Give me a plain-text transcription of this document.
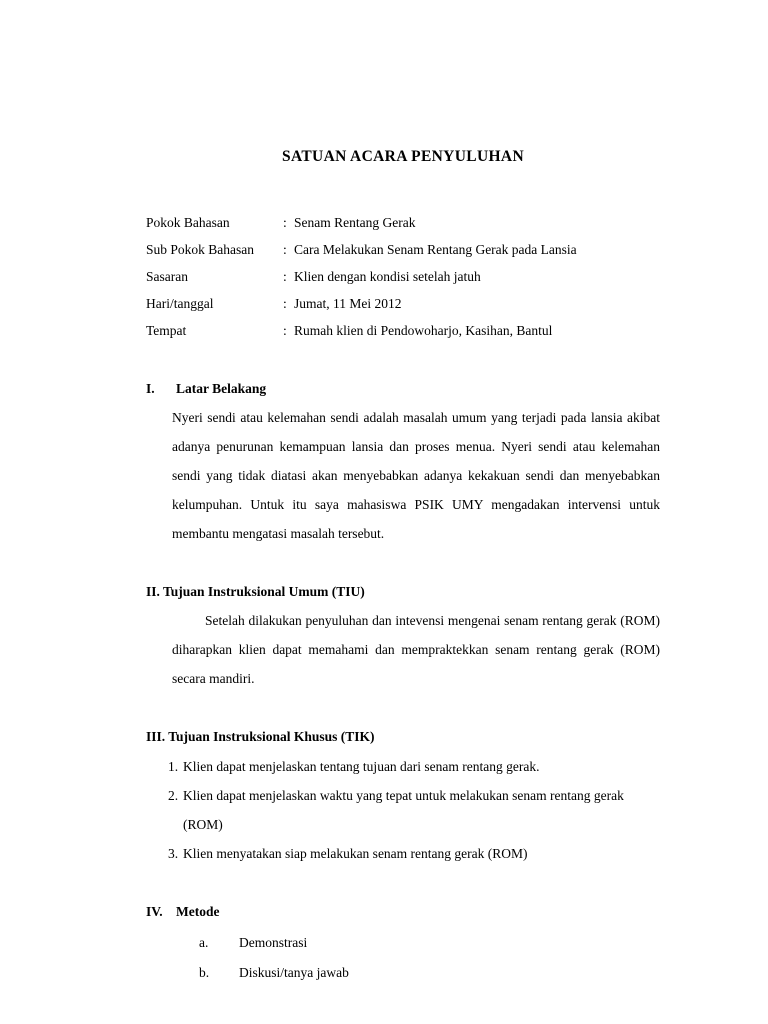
SATUAN ACARA PENYULUHAN
Pokok Bahasan	: Senam Rentang Gerak
Sub Pokok Bahasan	: Cara Melakukan Senam Rentang Gerak pada Lansia
Sasaran	: Klien dengan kondisi setelah jatuh
Hari/tanggal	: Jumat, 11 Mei 2012
Tempat	: Rumah klien di Pendowoharjo, Kasihan, Bantul
I.	Latar Belakang

Nyeri sendi atau kelemahan sendi adalah masalah umum yang terjadi pada lansia akibat adanya penurunan kemampuan lansia dan proses menua. Nyeri sendi atau kelemahan sendi yang tidak diatasi akan menyebabkan adanya kekakuan sendi dan menyebabkan kelumpuhan. Untuk itu saya mahasiswa PSIK UMY mengadakan intervensi untuk membantu mengatasi masalah tersebut.

II. Tujuan Instruksional Umum (TIU)

Setelah dilakukan penyuluhan dan intevensi mengenai senam rentang gerak (ROM) diharapkan klien dapat memahami dan mempraktekkan senam rentang gerak (ROM) secara mandiri.

III. Tujuan Instruksional Khusus (TIK)
1. Klien dapat menjelaskan tentang tujuan dari senam rentang gerak.
2. Klien dapat menjelaskan waktu yang tepat untuk melakukan senam rentang gerak (ROM)
3. Klien menyatakan siap melakukan senam rentang gerak (ROM)
IV. Metode
a.	Demonstrasi
b.	Diskusi/tanya jawab
